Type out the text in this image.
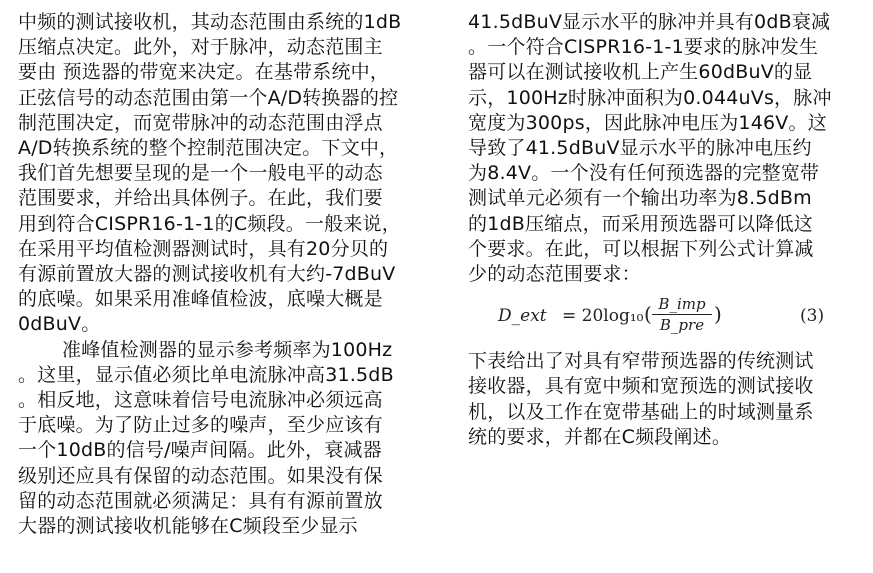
中频的测试接收机，其动态范围由系统的1dB
压缩点决定。此外，对于脉冲，动态范围主
要由 预选器的带宽来决定。在基带系统中，
正弦信号的动态范围由第一个A/D转换器的控
制范围决定，而宽带脉冲的动态范围由浮点
A/D转换系统的整个控制范围决定。下文中，
我们首先想要呈现的是一个一般电平的动态
范围要求，并给出具体例子。在此，我们要
用到符合CISPR16-1-1的C频段。一般来说，
在采用平均值检测器测试时，具有20分贝的
有源前置放大器的测试接收机有大约-7dBuV
的底噪。如果采用准峰值检波，底噪大概是
0dBuV。
准峰值检测器的显示参考频率为100Hz
。这里，显示值必须比单电流脉冲高31.5dB
。相反地，这意味着信号电流脉冲必须远高
于底噪。为了防止过多的噪声，至少应该有
一个10dB的信号/噪声间隔。此外，衰减器
级别还应具有保留的动态范围。如果没有保
留的动态范围就必须满足：具有有源前置放
大器的测试接收机能够在C频段至少显示
41.5dBuV显示水平的脉冲并具有0dB衰减
。一个符合CISPR16-1-1要求的脉冲发生
器可以在测试接收机上产生60dBuV的显
示，100Hz时脉冲面积为0.044uVs，脉冲
宽度为300ps，因此脉冲电压为146V。这
导致了41.5dBuV显示水平的脉冲电压约
为8.4V。一个没有任何预选器的完整宽带
测试单元必须有一个输出功率为8.5dBm
的1dB压缩点，而采用预选器可以降低这
个要求。在此，可以根据下列公式计算减
少的动态范围要求：
D_ext = 20log₁₀ ( B_imp
B_pre )	(3)
下表给出了对具有窄带预选器的传统测试
接收器，具有宽中频和宽预选的测试接收
机，以及工作在宽带基础上的时域测量系
统的要求，并都在C频段阐述。
